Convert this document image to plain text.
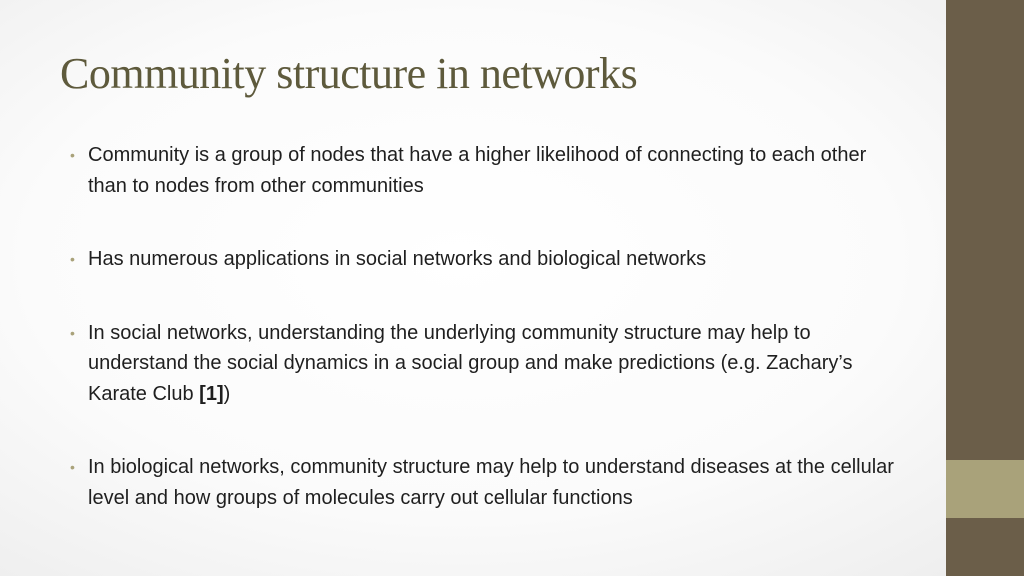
Community structure in networks
• Community is a group of nodes that have a higher likelihood of connecting to each other than to nodes from other communities
• Has numerous applications in social networks and biological networks
• In social networks, understanding the underlying community structure may help to understand the social dynamics in a social group and make predictions (e.g. Zachary’s Karate Club [1])
• In biological networks, community structure may help to understand diseases at the cellular level and how groups of molecules carry out cellular functions
